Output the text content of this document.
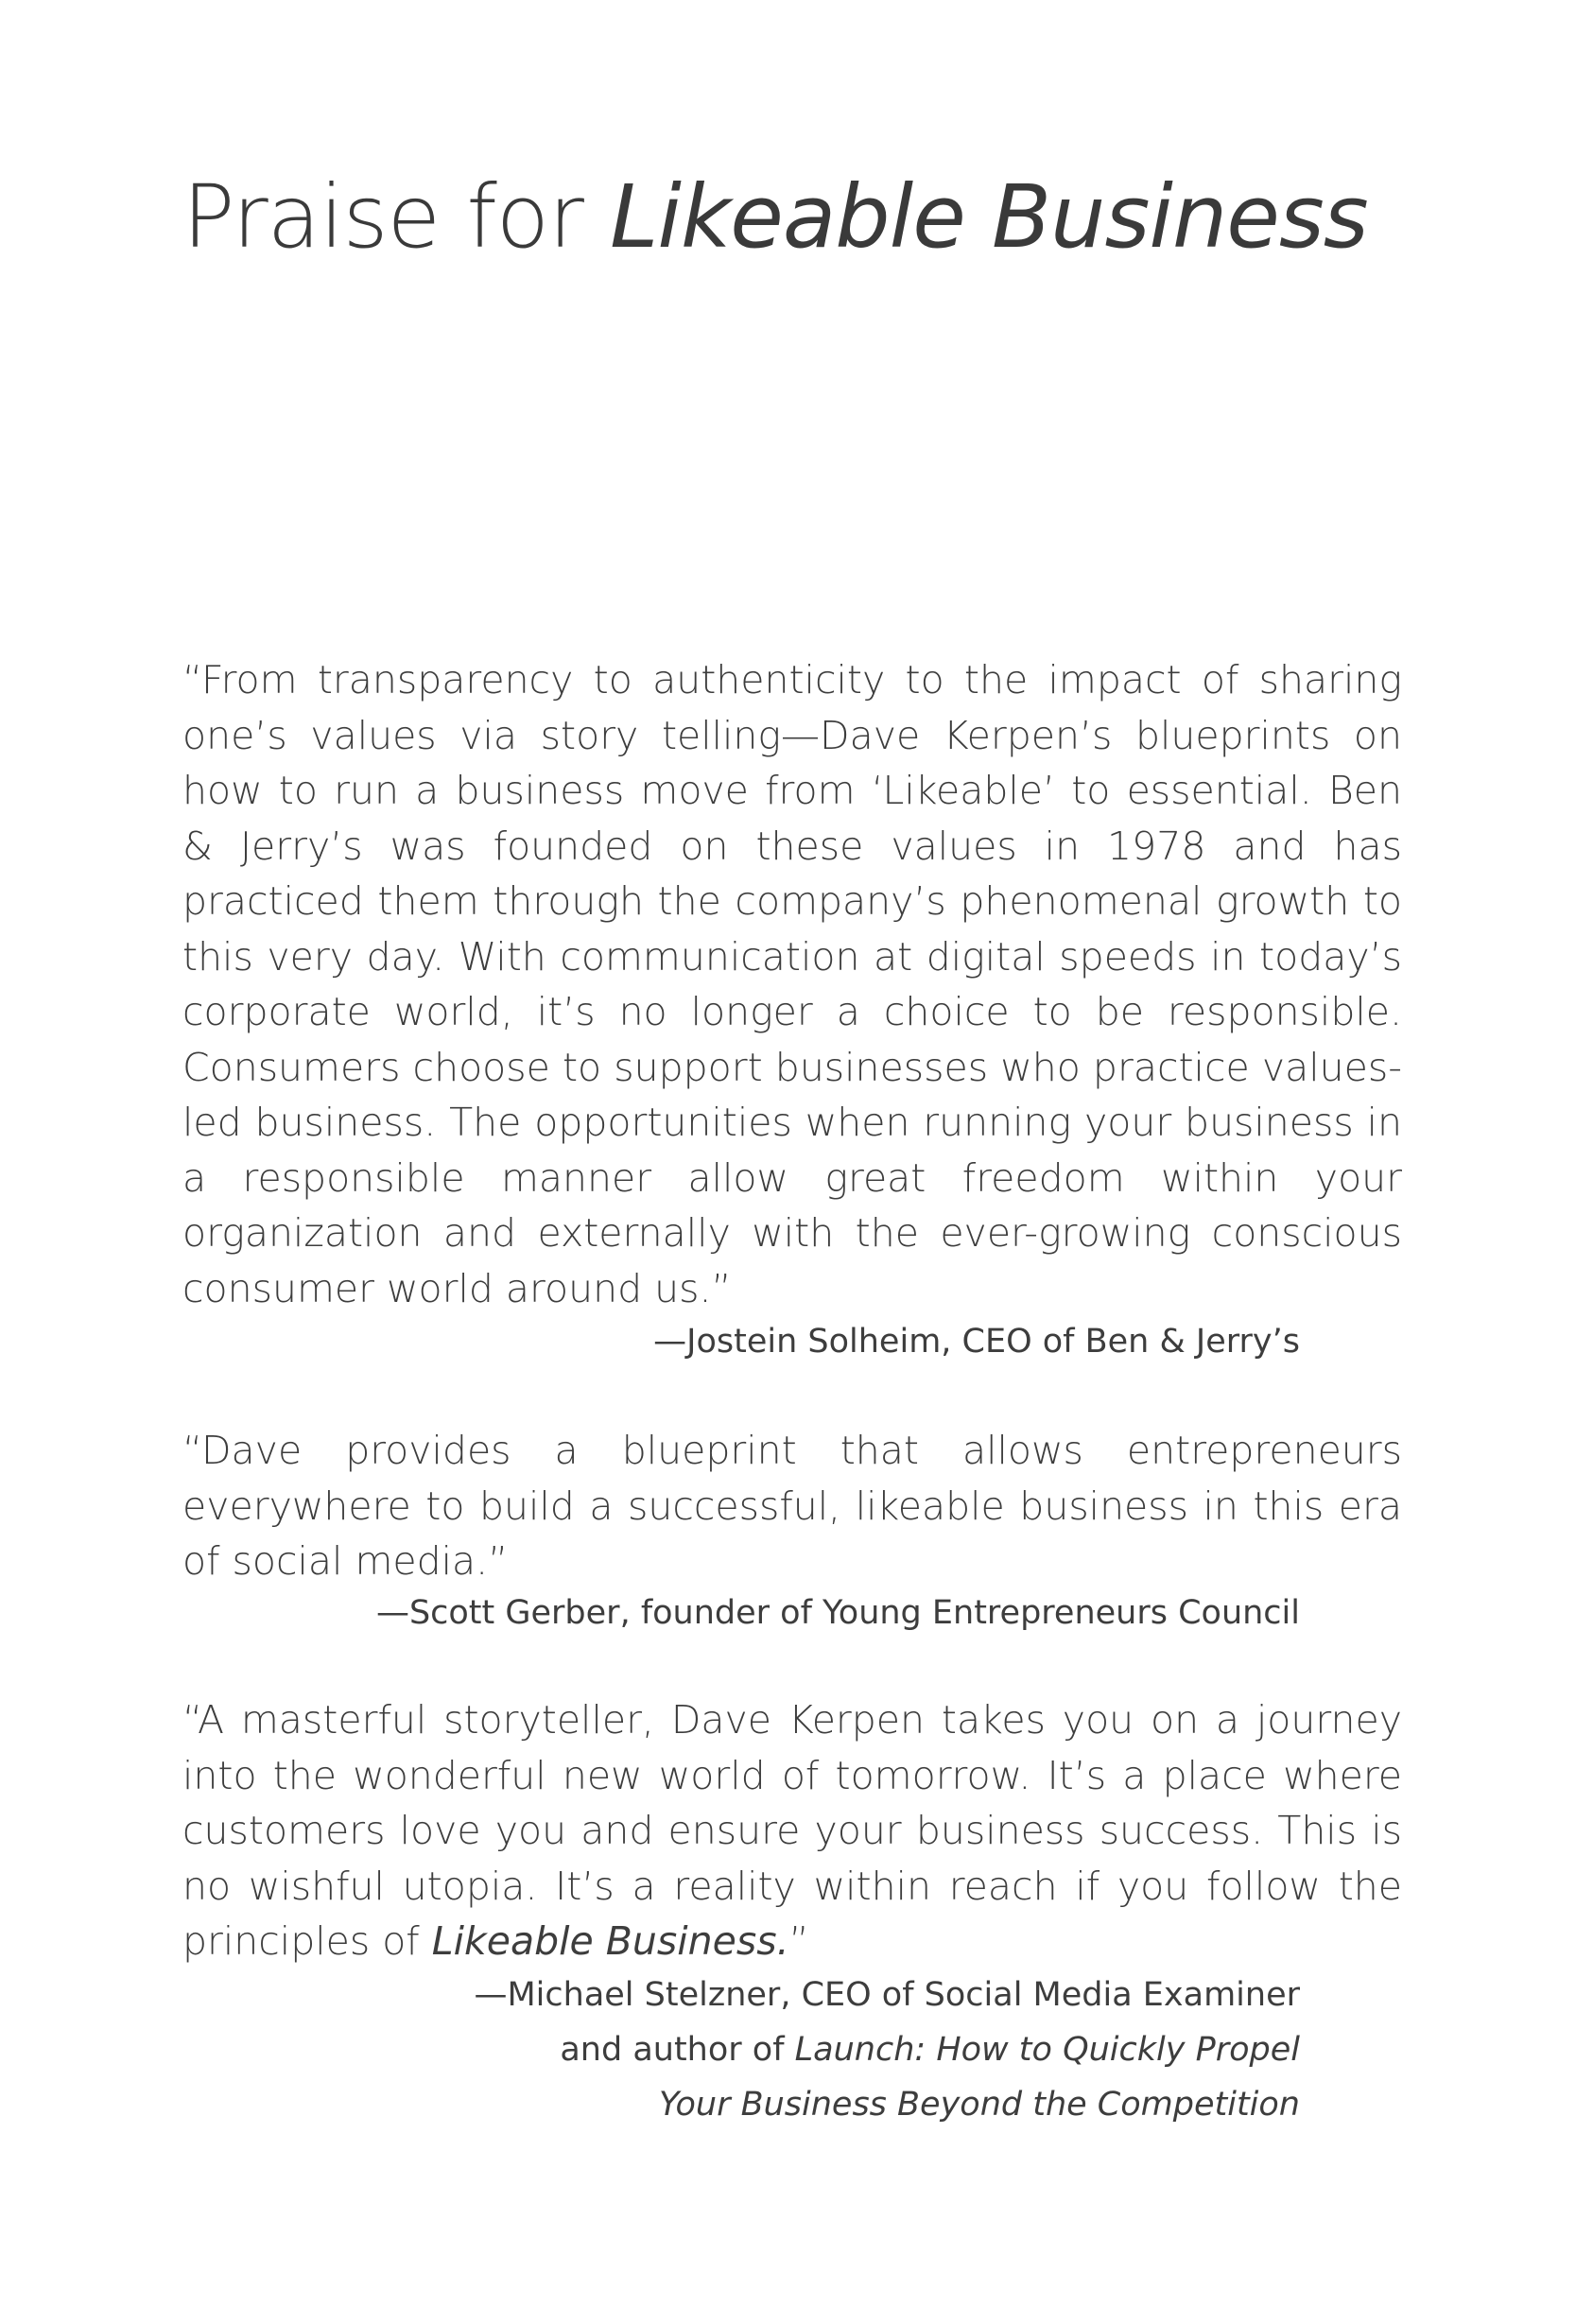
Praise for Likeable Business

“From transparency to authenticity to the impact of sharing one’s values via story telling—Dave Kerpen’s blueprints on how to run a business move from ‘Likeable’ to essential. Ben & Jerry’s was founded on these values in 1978 and has practiced them through the company’s phenomenal growth to this very day. With communication at digital speeds in today’s corporate world, it’s no longer a choice to be responsible. Consumers choose to support businesses who practice values-led business. The opportunities when running your business in a responsible manner allow great freedom within your organization and externally with the ever-growing conscious consumer world around us.”

—Jostein Solheim, CEO of Ben & Jerry’s

“Dave provides a blueprint that allows entrepreneurs everywhere to build a successful, likeable business in this era of social media.”

—Scott Gerber, founder of Young Entrepreneurs Council

“A masterful storyteller, Dave Kerpen takes you on a journey into the wonderful new world of tomorrow. It’s a place where customers love you and ensure your business success. This is no wishful utopia. It’s a reality within reach if you follow the principles of Likeable Business.”

—Michael Stelzner, CEO of Social Media Examiner
and author of Launch: How to Quickly Propel
Your Business Beyond the Competition
